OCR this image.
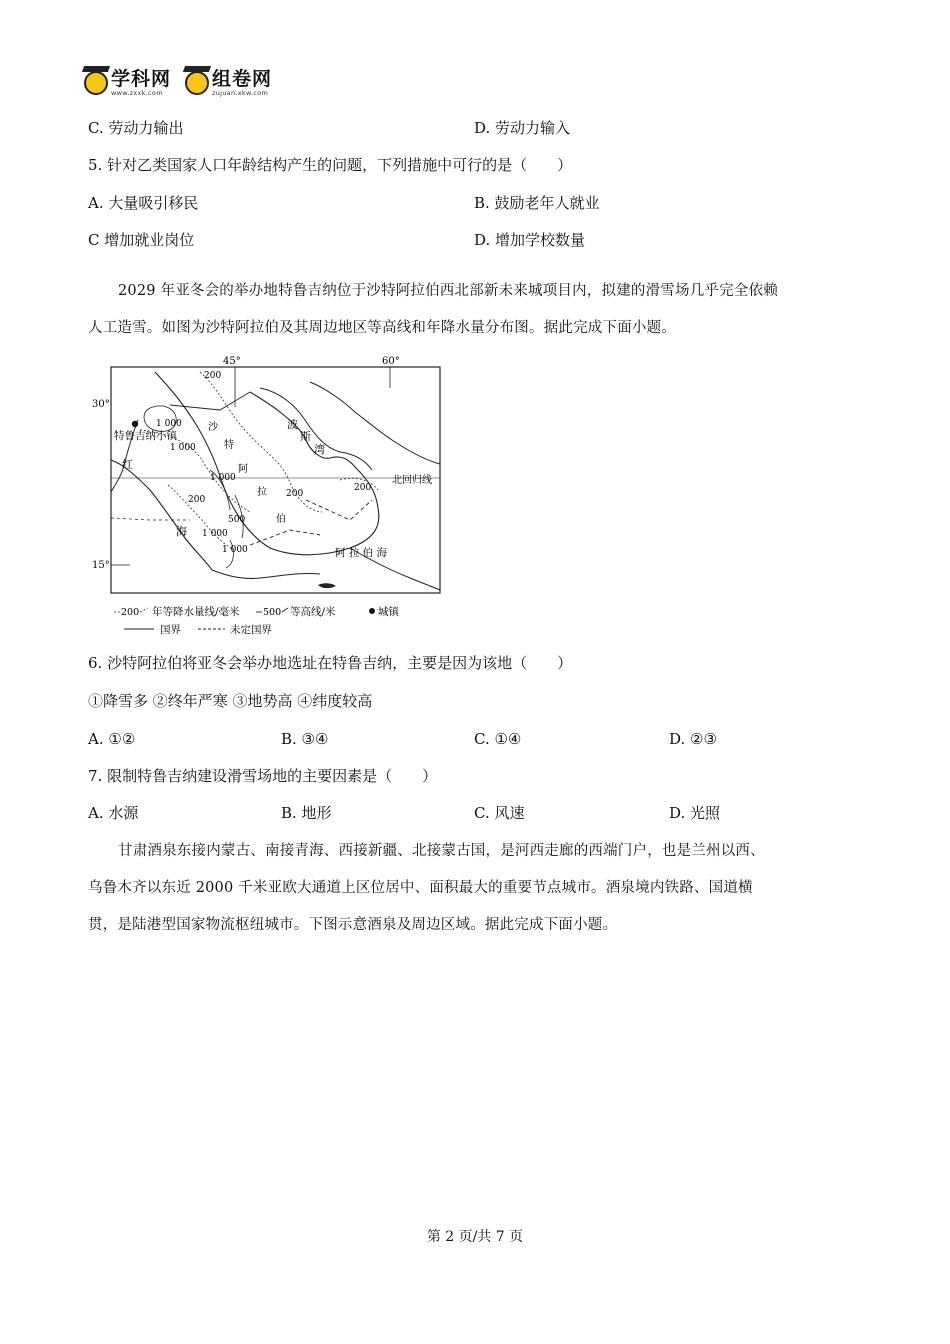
学科网
www.zxxk.com
组卷网
zujuan.xkw.com
C. 劳动力输出	D. 劳动力输入
5. 针对乙类国家人口年龄结构产生的问题，下列措施中可行的是（　　）
A. 大量吸引移民	B. 鼓励老年人就业
C 增加就业岗位	D. 增加学校数量
2029 年亚冬会的举办地特鲁吉纳位于沙特阿拉伯西北部新未来城项目内，拟建的滑雪场几乎完全依赖
人工造雪。如图为沙特阿拉伯及其周边地区等高线和年降水量分布图。据此完成下面小题。
45°	60°
30°
15°
特鲁吉纳小镇
红
海
波
斯
湾
沙
特
阿
拉
伯
阿 拉 伯 海
北回归线
200
1 000
1 000
200
1 000
500
200
200
1 000
1 000
200 年等降水量线/毫米 500 等高线/米	城镇
国界	未定国界
6. 沙特阿拉伯将亚冬会举办地选址在特鲁吉纳，主要是因为该地（　　）
①降雪多 ②终年严寒 ③地势高 ④纬度较高
A. ①②	B. ③④	C. ①④	D. ②③
7. 限制特鲁吉纳建设滑雪场地的主要因素是（　　）
A. 水源	B. 地形	C. 风速	D. 光照
甘肃酒泉东接内蒙古、南接青海、西接新疆、北接蒙古国，是河西走廊的西端门户，也是兰州以西、
乌鲁木齐以东近 2000 千米亚欧大通道上区位居中、面积最大的重要节点城市。酒泉境内铁路、国道横
贯，是陆港型国家物流枢纽城市。下图示意酒泉及周边区域。据此完成下面小题。
第 2 页/共 7 页
